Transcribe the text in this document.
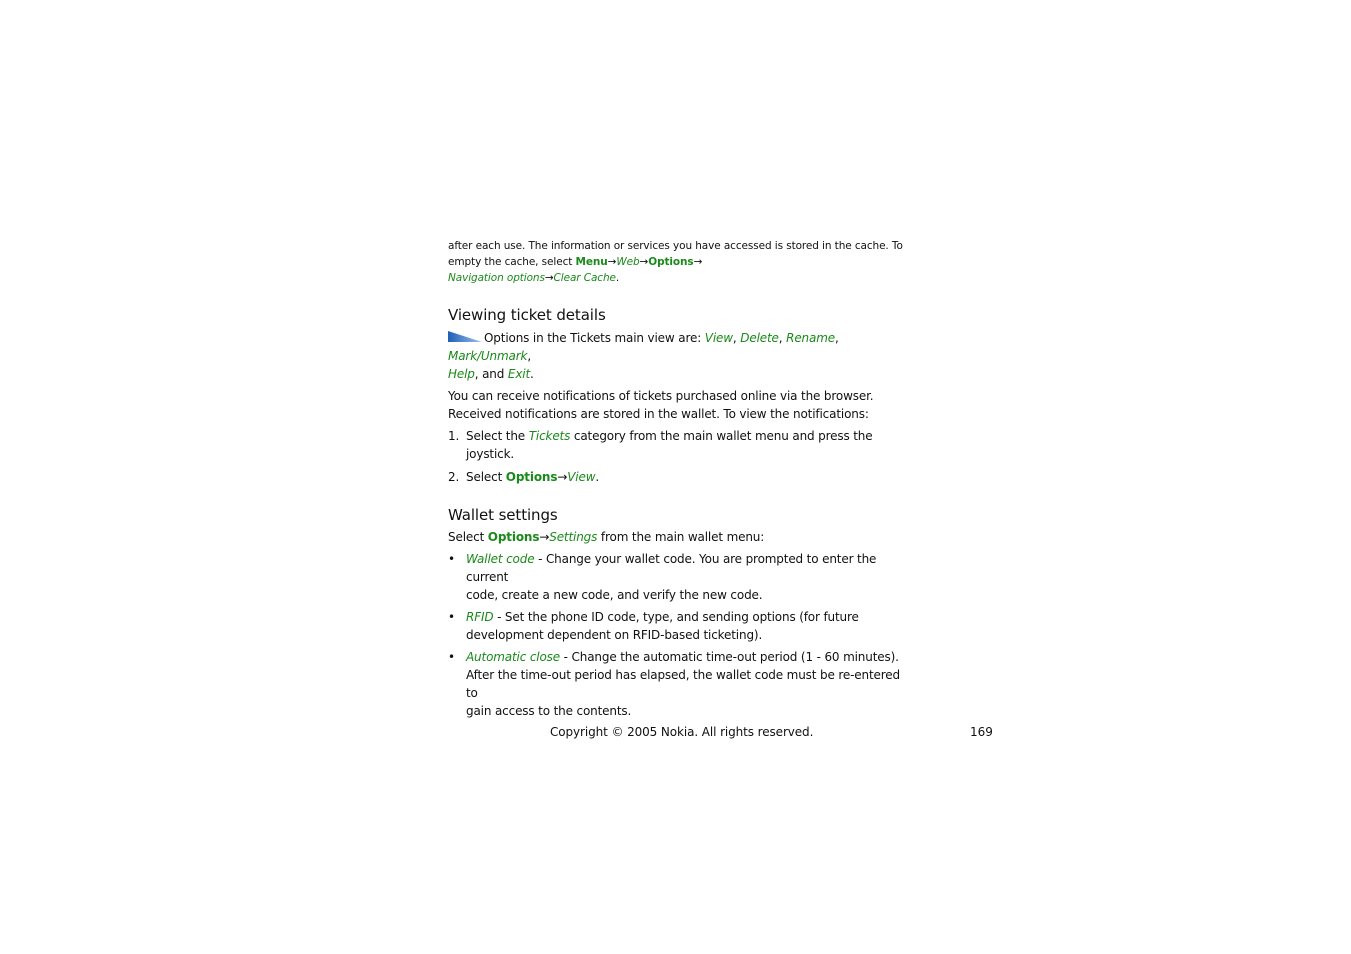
after each use. The information or services you have accessed is stored in the cache. To
empty the cache, select Menu→Web→Options→
Navigation options→Clear Cache.

Viewing ticket details

Options in the Tickets main view are: View, Delete, Rename, Mark/Unmark,
Help, and Exit.

You can receive notifications of tickets purchased online via the browser.
Received notifications are stored in the wallet. To view the notifications:

1. Select the Tickets category from the main wallet menu and press the joystick.
2. Select Options→View.
Wallet settings

Select Options→Settings from the main wallet menu:

• Wallet code - Change your wallet code. You are prompted to enter the current
code, create a new code, and verify the new code.
• RFID - Set the phone ID code, type, and sending options (for future
development dependent on RFID-based ticketing).
• Automatic close - Change the automatic time-out period (1 - 60 minutes).
After the time-out period has elapsed, the wallet code must be re-entered to
gain access to the contents.
Copyright © 2005 Nokia. All rights reserved.	169
